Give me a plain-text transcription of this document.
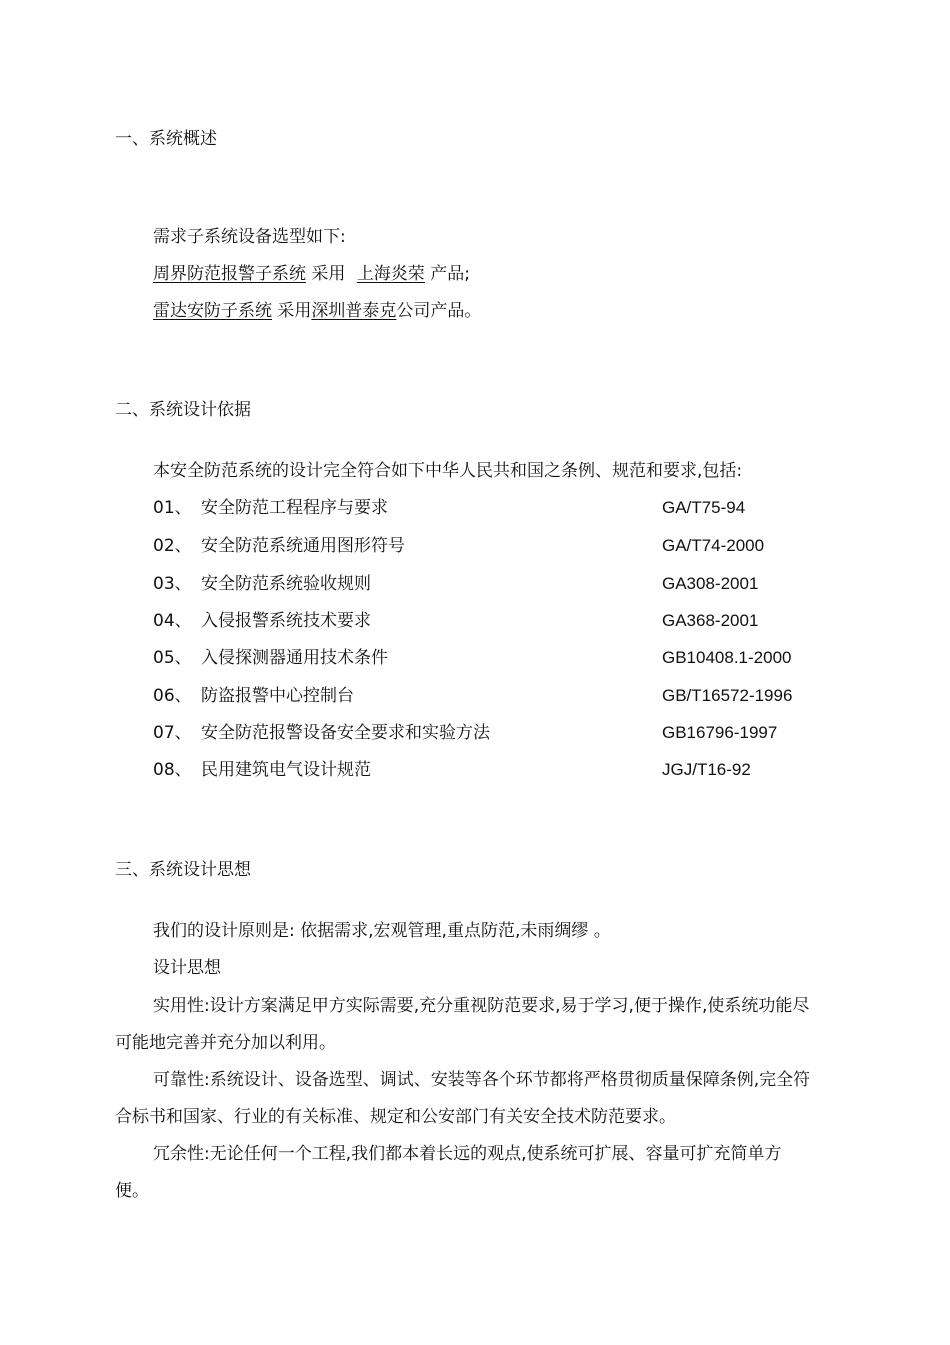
一、系统概述
需求子系统设备选型如下:
周界防范报警子系统 采用 上海炎荣 产品;
雷达安防子系统 采用深圳普泰克公司产品。
二、系统设计依据
本安全防范系统的设计完全符合如下中华人民共和国之条例、规范和要求,包括:
01、 安全防范工程程序与要求	GA/T75-94
02、 安全防范系统通用图形符号	GA/T74-2000
03、 安全防范系统验收规则	GA308-2001
04、 入侵报警系统技术要求	GA368-2001
05、 入侵探测器通用技术条件	GB10408.1-2000
06、 防盗报警中心控制台	GB/T16572-1996
07、 安全防范报警设备安全要求和实验方法	GB16796-1997
08、 民用建筑电气设计规范	JGJ/T16-92
三、系统设计思想
我们的设计原则是: 依据需求,宏观管理,重点防范,未雨绸缪 。
设计思想
实用性:设计方案满足甲方实际需要,充分重视防范要求,易于学习,便于操作,使系统功能尽可能地完善并充分加以利用。
可靠性:系统设计、设备选型、调试、安装等各个环节都将严格贯彻质量保障条例,完全符合标书和国家、行业的有关标准、规定和公安部门有关安全技术防范要求。
冗余性:无论任何一个工程,我们都本着长远的观点,使系统可扩展、容量可扩充简单方便。
